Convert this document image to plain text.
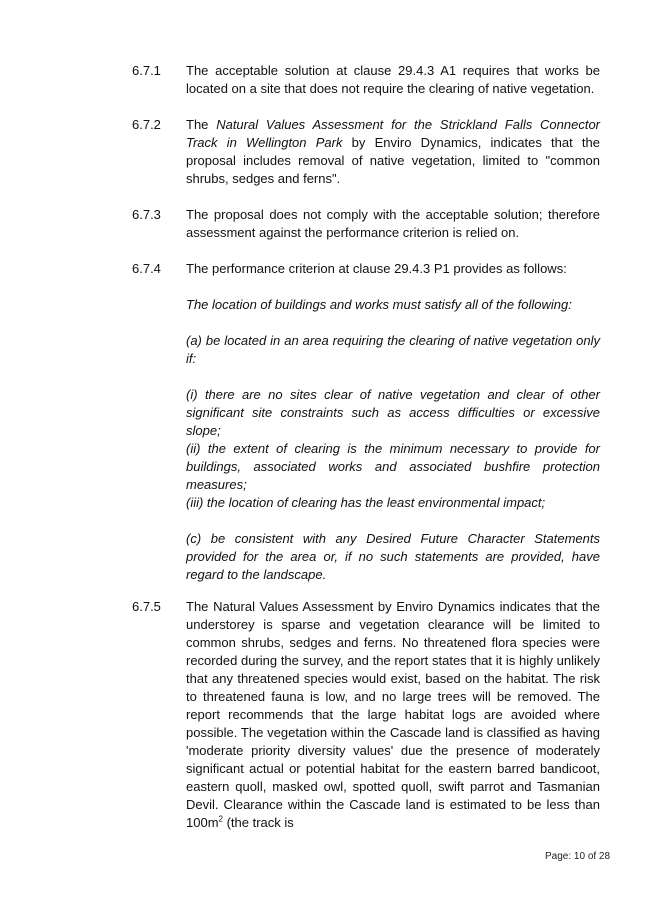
6.7.1	The acceptable solution at clause 29.4.3 A1 requires that works be located on a site that does not require the clearing of native vegetation.

6.7.2	The Natural Values Assessment for the Strickland Falls Connector Track in Wellington Park by Enviro Dynamics, indicates that the proposal includes removal of native vegetation, limited to "common shrubs, sedges and ferns".

6.7.3	The proposal does not comply with the acceptable solution; therefore assessment against the performance criterion is relied on.

6.7.4	The performance criterion at clause 29.4.3 P1 provides as follows:

The location of buildings and works must satisfy all of the following:

(a) be located in an area requiring the clearing of native vegetation only if:

(i) there are no sites clear of native vegetation and clear of other significant site constraints such as access difficulties or excessive slope;

(ii) the extent of clearing is the minimum necessary to provide for buildings, associated works and associated bushfire protection measures;

(iii) the location of clearing has the least environmental impact;

(c) be consistent with any Desired Future Character Statements provided for the area or, if no such statements are provided, have regard to the landscape.

6.7.5	The Natural Values Assessment by Enviro Dynamics indicates that the understorey is sparse and vegetation clearance will be limited to common shrubs, sedges and ferns. No threatened flora species were recorded during the survey, and the report states that it is highly unlikely that any threatened species would exist, based on the habitat. The risk to threatened fauna is low, and no large trees will be removed. The report recommends that the large habitat logs are avoided where possible. The vegetation within the Cascade land is classified as having 'moderate priority diversity values' due the presence of moderately significant actual or potential habitat for the eastern barred bandicoot, eastern quoll, masked owl, spotted quoll, swift parrot and Tasmanian Devil. Clearance within the Cascade land is estimated to be less than $100m^2$ (the track is

Page: 10 of 28
